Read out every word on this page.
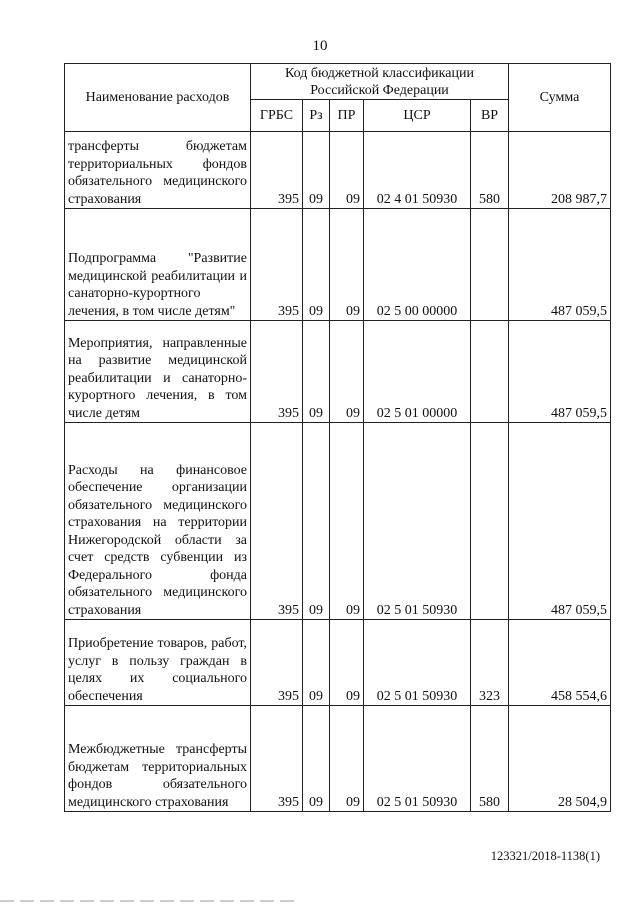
10
Наименование расходов	Код бюджетной классификации Российской Федерации					Сумма
	ГРБС	Рз	ПР	ЦСР	ВР	
трансферты бюджетам территориальных фондов обязательного медицинского страхования	395	09	09	02 4 01 50930	580	208 987,7
Подпрограмма "Развитие медицинской реабилитации и санаторно-курортного лечения, в том числе детям"	395	09	09	02 5 00 00000		487 059,5
Мероприятия, направленные на развитие медицинской реабилитации и санаторно-курортного лечения, в том числе детям	395	09	09	02 5 01 00000		487 059,5
Расходы на финансовое обеспечение организации обязательного медицинского страхования на территории Нижегородской области за счет средств субвенции из Федерального фонда обязательного медицинского страхования	395	09	09	02 5 01 50930		487 059,5
Приобретение товаров, работ, услуг в пользу граждан в целях их социального обеспечения	395	09	09	02 5 01 50930	323	458 554,6
Межбюджетные трансферты бюджетам территориальных фондов обязательного медицинского страхования	395	09	09	02 5 01 50930	580	28 504,9
123321/2018-1138(1)
